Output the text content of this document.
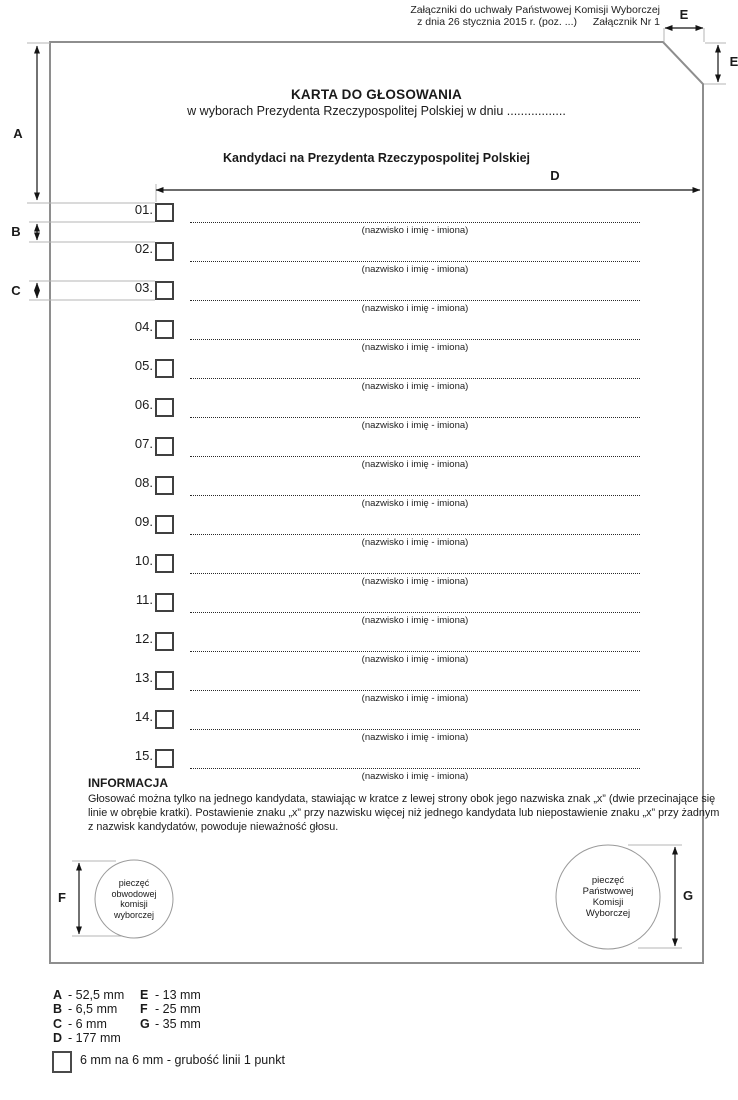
Załączniki do uchwały Państwowej Komisji Wyborczej
z dnia 26 stycznia 2015 r. (poz. ...)	Załącznik Nr 1
KARTA DO GŁOSOWANIA
w wyborach Prezydenta Rzeczypospolitej Polskiej w dniu .................
Kandydaci na Prezydenta Rzeczypospolitej Polskiej
A
B
C
D
E
E
F	G
01.
(nazwisko i imię - imiona)
02.
(nazwisko i imię - imiona)
03.
(nazwisko i imię - imiona)
04.
(nazwisko i imię - imiona)
05.
(nazwisko i imię - imiona)
06.
(nazwisko i imię - imiona)
07.
(nazwisko i imię - imiona)
08.
(nazwisko i imię - imiona)
09.
(nazwisko i imię - imiona)
10.
(nazwisko i imię - imiona)
11.
(nazwisko i imię - imiona)
12.
(nazwisko i imię - imiona)
13.
(nazwisko i imię - imiona)
14.
(nazwisko i imię - imiona)
15.
(nazwisko i imię - imiona)
INFORMACJA
Głosować można tylko na jednego kandydata, stawiając w kratce z lewej strony obok jego nazwiska znak „x” (dwie przecinające się
linie w obrębie kratki). Postawienie znaku „x” przy nazwisku więcej niż jednego kandydata lub niepostawienie znaku „x” przy żadnym
z nazwisk kandydatów, powoduje nieważność głosu.
pieczęć
obwodowej
komisji
wyborczej
pieczęć
Państwowej
Komisji
Wyborczej
A - 52,5 mm
B - 6,5 mm
C - 6 mm
D - 177 mm
E - 13 mm
F - 25 mm
G - 35 mm
6 mm na 6 mm - grubość linii 1 punkt
